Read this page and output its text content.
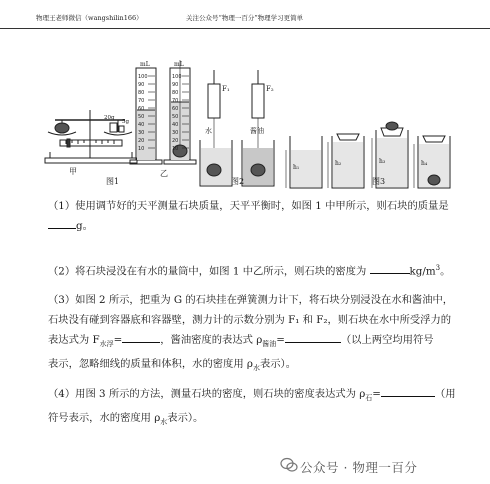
物理王老师微信（wangshilin166）	关注公众号“物理一百分”物理学习更简单
100
90
80
70
60
50
40
30
20
10
100
90
80
70
60
50
40
30
20
10
mL	mL
20g
5g
F₁	F₂
水	酱油
h₁
h₂	h₃	h₄
甲
图1
乙
图2	图3
（1）使用调节好的天平测量石块质量，天平平衡时，如图 1 中甲所示，则石块的质量是
g。
（2）将石块浸没在有水的量筒中，如图 1 中乙所示，则石块的密度为	$kg/m^3$。
（3）如图 2 所示，把重为 G 的石块挂在弹簧测力计下，将石块分别浸没在水和酱油中，
石块没有碰到容器底和容器壁，测力计的示数分别为 F₁ 和 F₂，则石块在水中所受浮力的
表达式为 $F_{水浮}=$	，酱油密度的表达式 $\rho_{酱油}=$	（以上两空均用符号
表示，忽略细线的质量和体积，水的密度用 $\rho_水$表示）。
（4）用图 3 所示的方法，测量石块的密度，则石块的密度表达式为 $\rho_石=$	（用
符号表示，水的密度用 $\rho_水$表示）。
公众号 · 物理一百分
